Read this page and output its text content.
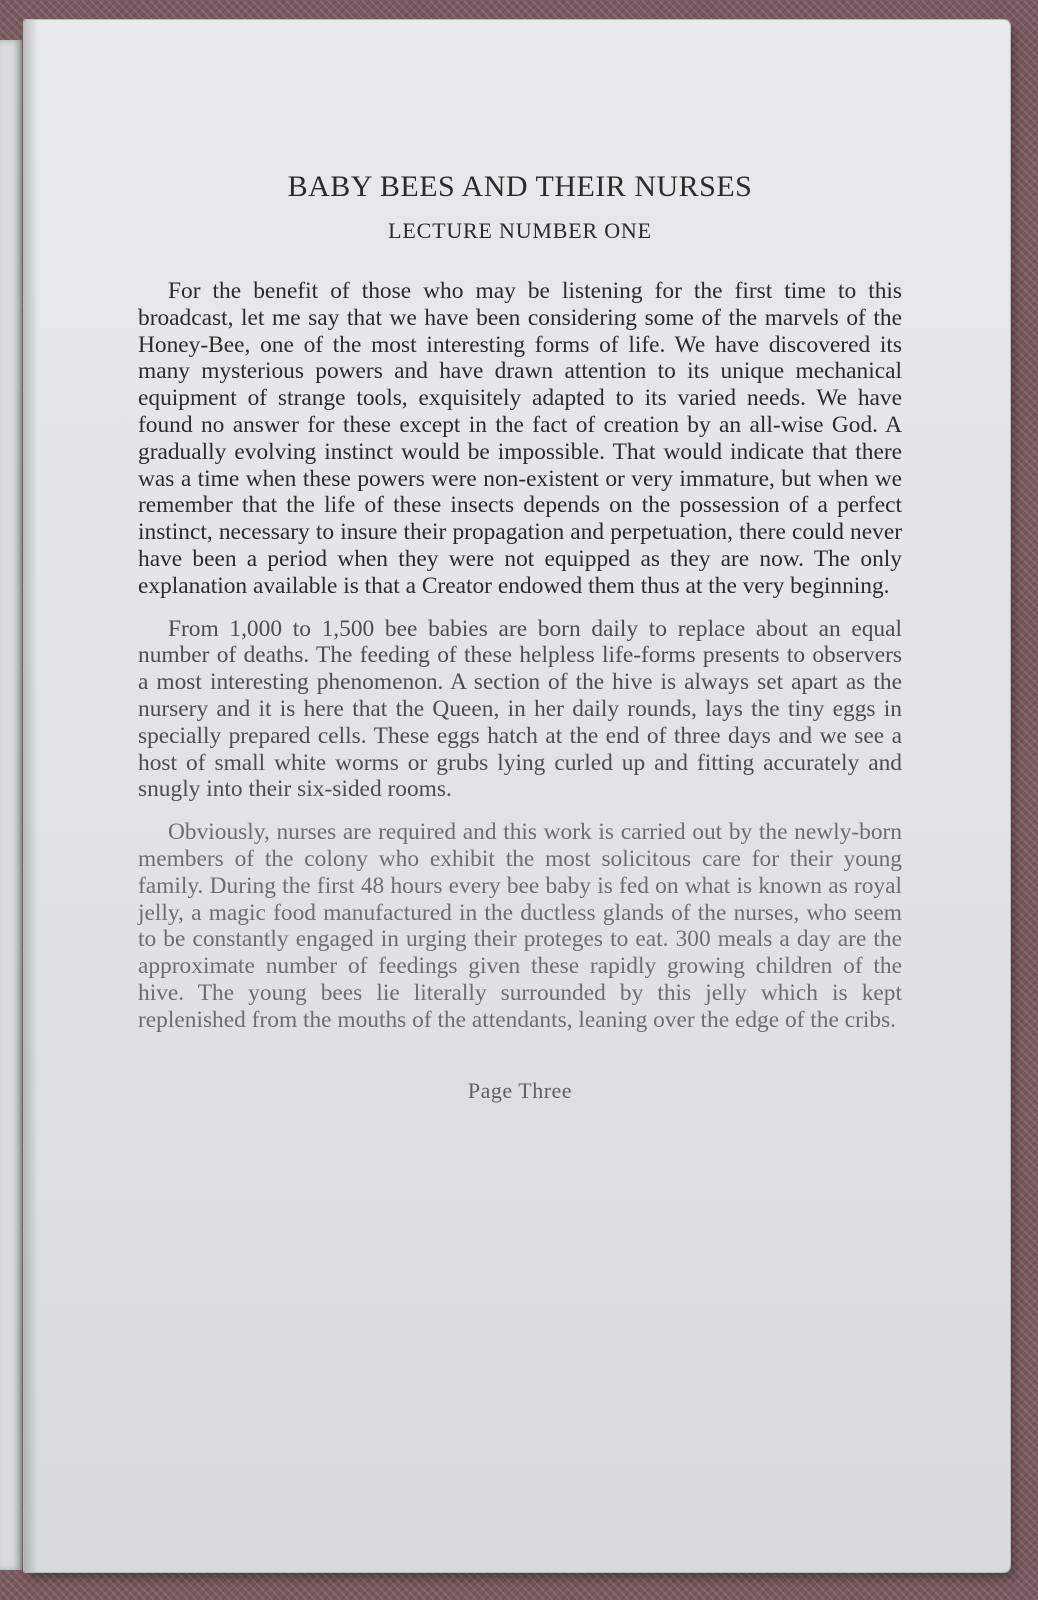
BABY BEES AND THEIR NURSES
LECTURE NUMBER ONE

For the benefit of those who may be listening for the first time to this broadcast, let me say that we have been considering some of the marvels of the Honey-Bee, one of the most interesting forms of life. We have discovered its many mysterious powers and have drawn attention to its unique mechanical equipment of strange tools, exquisitely adapted to its varied needs. We have found no answer for these except in the fact of creation by an all-wise God. A gradually evolving instinct would be impossible. That would indicate that there was a time when these powers were non-existent or very immature, but when we remember that the life of these insects depends on the possession of a perfect instinct, necessary to insure their propagation and perpetuation, there could never have been a period when they were not equipped as they are now. The only explanation available is that a Creator endowed them thus at the very beginning.

From 1,000 to 1,500 bee babies are born daily to replace about an equal number of deaths. The feeding of these helpless life-forms presents to observers a most interesting phenomenon. A section of the hive is always set apart as the nursery and it is here that the Queen, in her daily rounds, lays the tiny eggs in specially prepared cells. These eggs hatch at the end of three days and we see a host of small white worms or grubs lying curled up and fitting accurately and snugly into their six-sided rooms.

Obviously, nurses are required and this work is carried out by the newly-born members of the colony who exhibit the most solicitous care for their young family. During the first 48 hours every bee baby is fed on what is known as royal jelly, a magic food manufactured in the ductless glands of the nurses, who seem to be constantly engaged in urging their proteges to eat. 300 meals a day are the approximate number of feedings given these rapidly growing children of the hive. The young bees lie literally surrounded by this jelly which is kept replenished from the mouths of the attendants, leaning over the edge of the cribs.

Page Three
